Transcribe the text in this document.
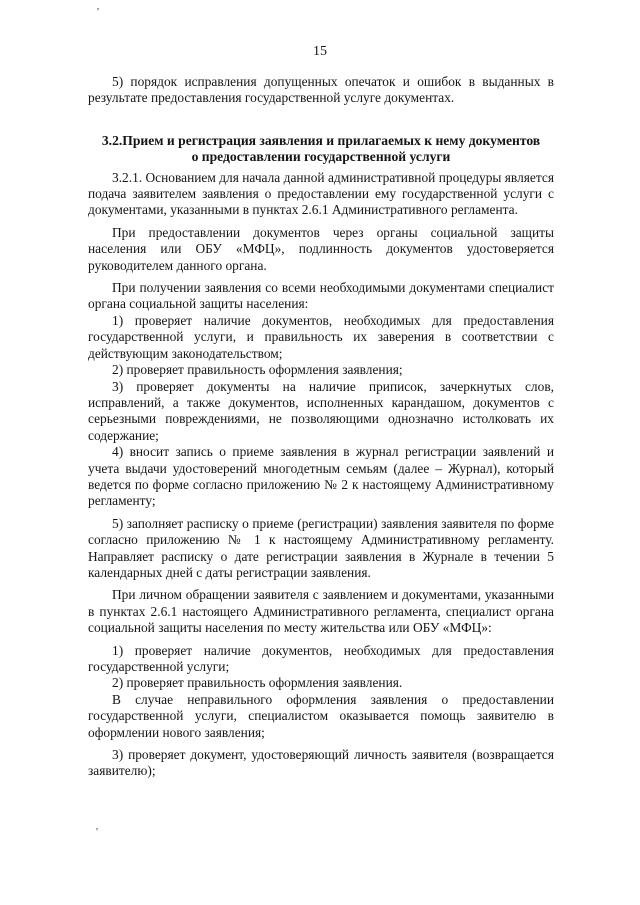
'
'
15

5) порядок исправления допущенных опечаток и ошибок в выданных в результате предоставления государственной услуге документах.

3.2.Прием и регистрация заявления и прилагаемых к нему документов о предоставлении государственной услуги

3.2.1. Основанием для начала данной административной процедуры является подача заявителем заявления о предоставлении ему государственной услуги с документами, указанными в пунктах 2.6.1 Административного регламента.

При предоставлении документов через органы социальной защиты населения или ОБУ «МФЦ», подлинность документов удостоверяется руководителем данного органа.

При получении заявления со всеми необходимыми документами специалист органа социальной защиты населения:

1) проверяет наличие документов, необходимых для предоставления государственной услуги, и правильность их заверения в соответствии с действующим законодательством;

2) проверяет правильность оформления заявления;

3) проверяет документы на наличие приписок, зачеркнутых слов, исправлений, а также документов, исполненных карандашом, документов с серьезными повреждениями, не позволяющими однозначно истолковать их содержание;

4) вносит запись о приеме заявления в журнал регистрации заявлений и учета выдачи удостоверений многодетным семьям (далее – Журнал), который ведется по форме согласно приложению № 2 к настоящему Административному регламенту;

5) заполняет расписку о приеме (регистрации) заявления заявителя по форме согласно приложению № 1 к настоящему Административному регламенту. Направляет расписку о дате регистрации заявления в Журнале в течении 5 календарных дней с даты регистрации заявления.

При личном обращении заявителя с заявлением и документами, указанными в пунктах 2.6.1 настоящего Административного регламента, специалист органа социальной защиты населения по месту жительства или ОБУ «МФЦ»:

1) проверяет наличие документов, необходимых для предоставления государственной услуги;

2) проверяет правильность оформления заявления.

В случае неправильного оформления заявления о предоставлении государственной услуги, специалистом оказывается помощь заявителю в оформлении нового заявления;

3) проверяет документ, удостоверяющий личность заявителя (возвращается заявителю);
